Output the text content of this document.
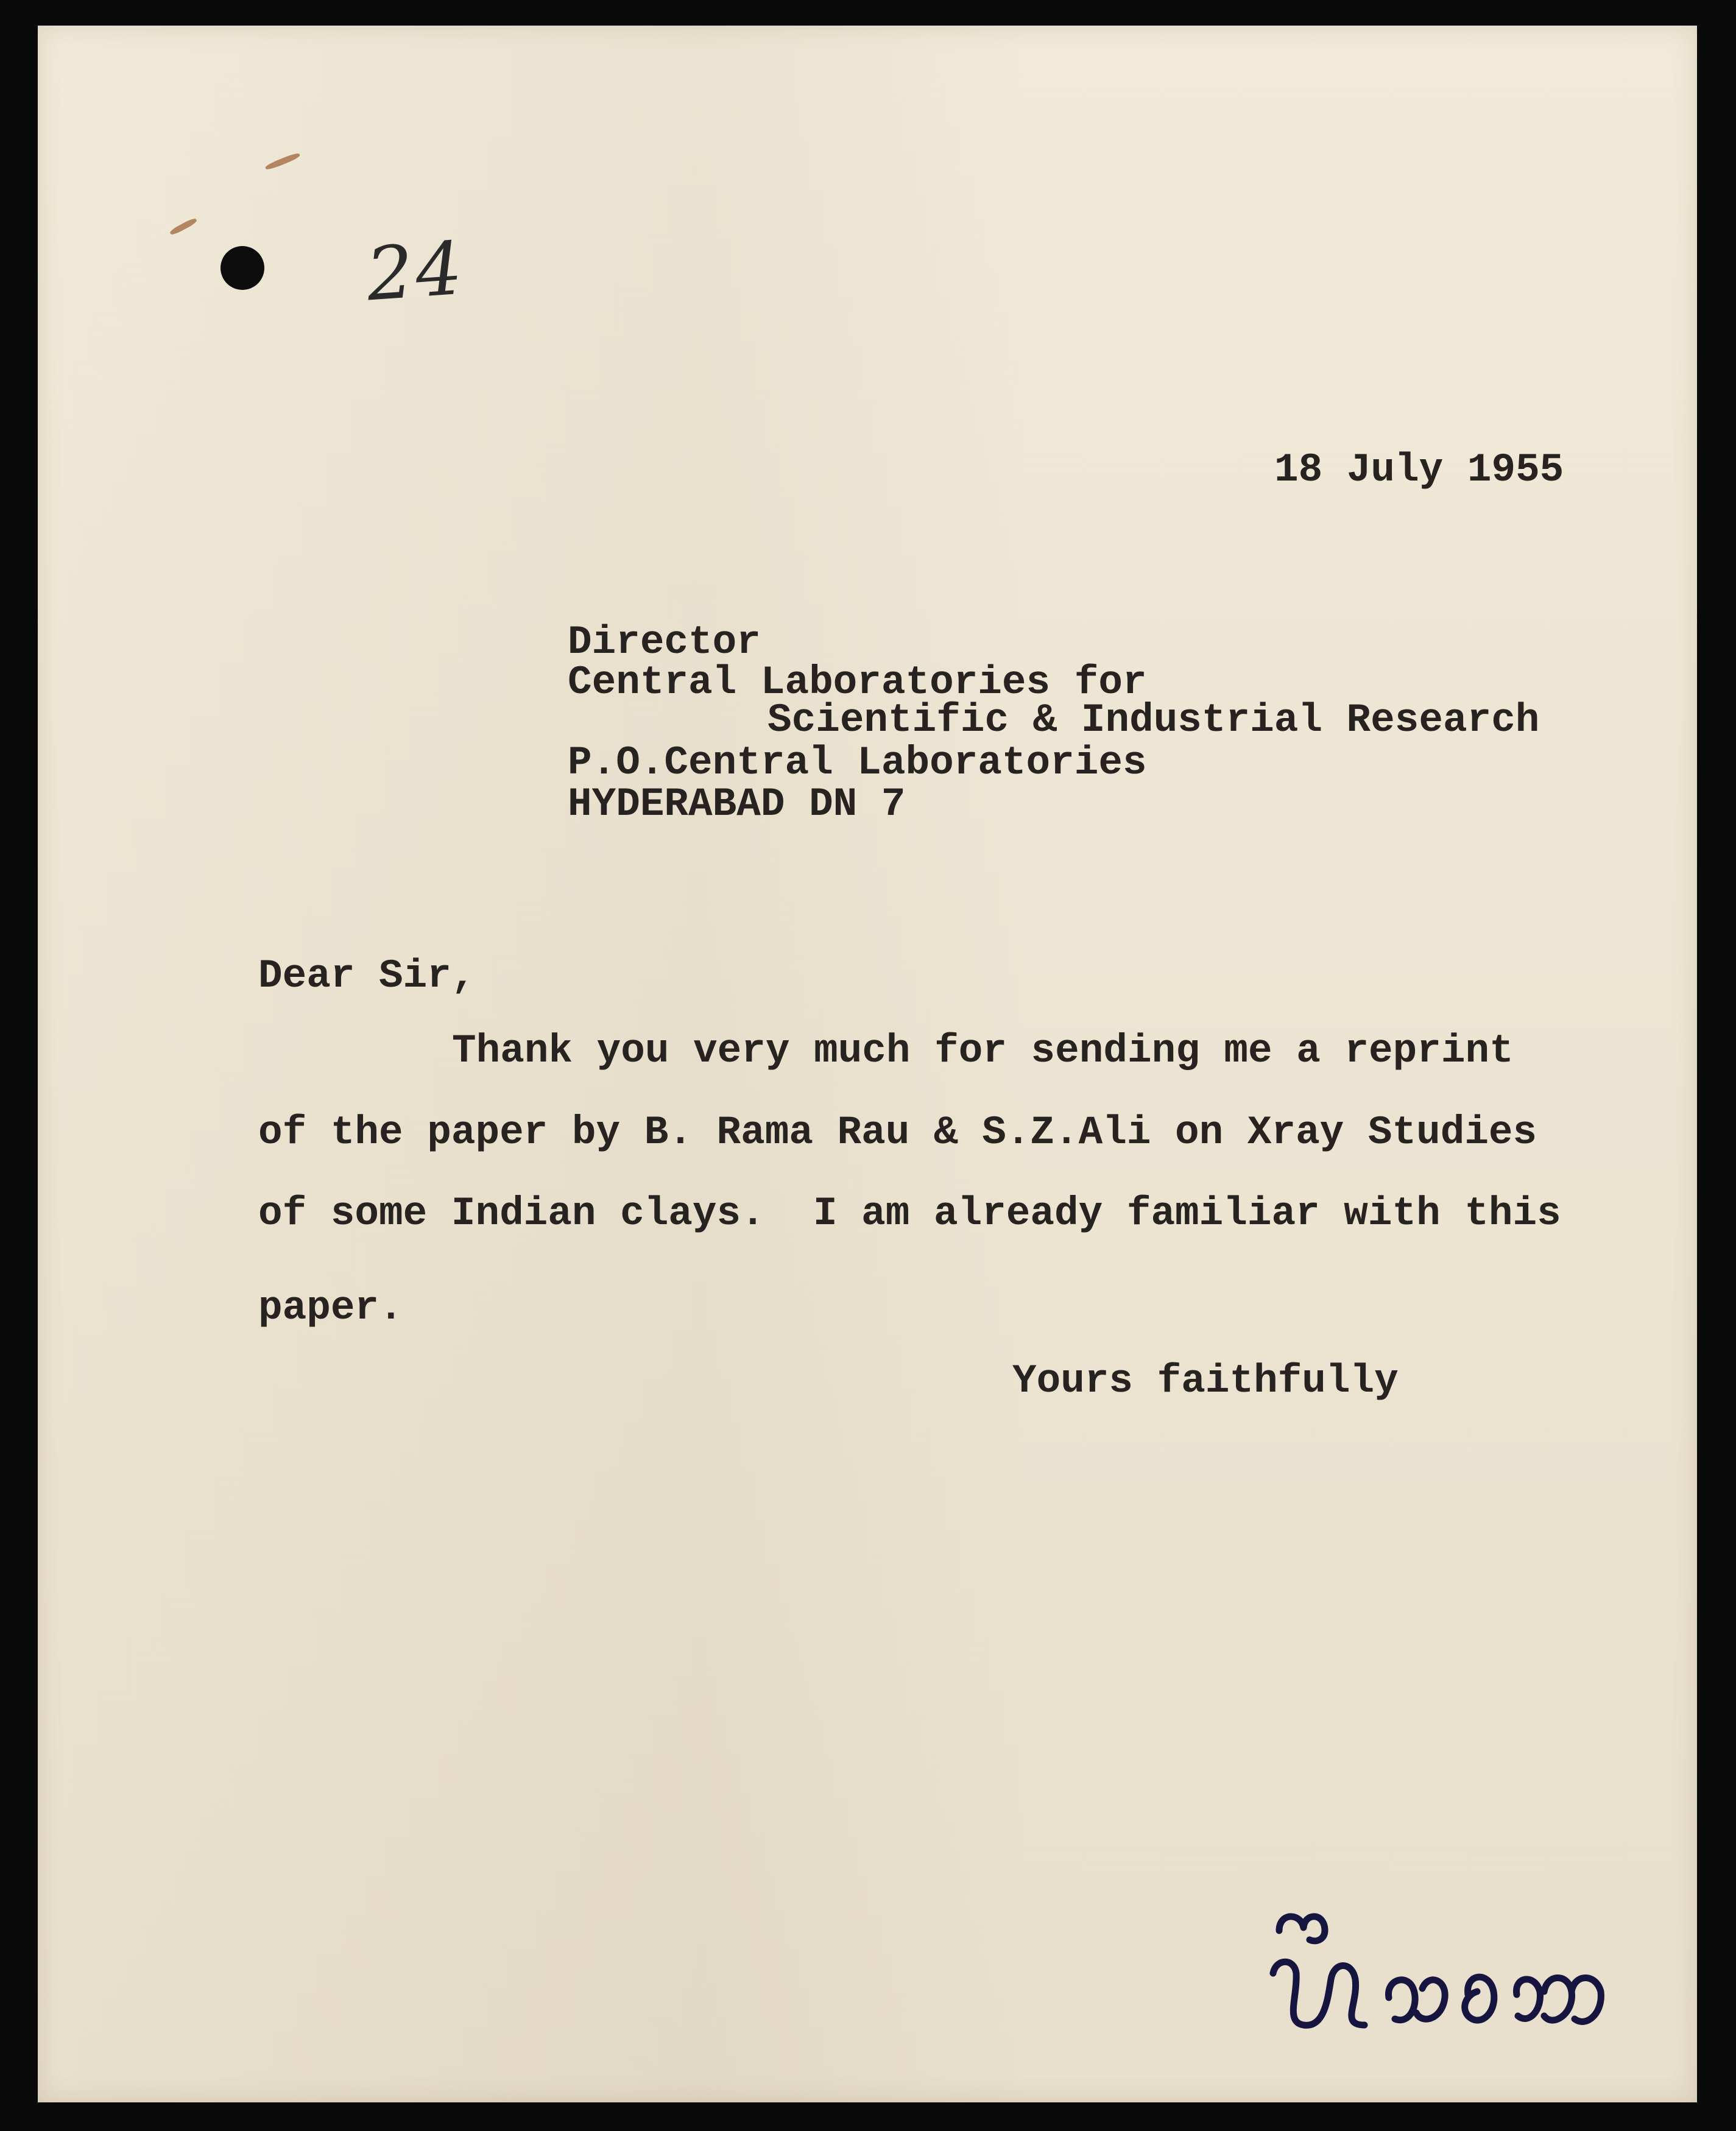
24
18 July 1955
Director
Central Laboratories for
Scientific & Industrial Research
P.O.Central Laboratories
HYDERABAD DN 7
Dear Sir,
Thank you very much for sending me a reprint
of the paper by B. Rama Rau & S.Z.Ali on Xray Studies
of some Indian clays.  I am already familiar with this
paper.
Yours faithfully
